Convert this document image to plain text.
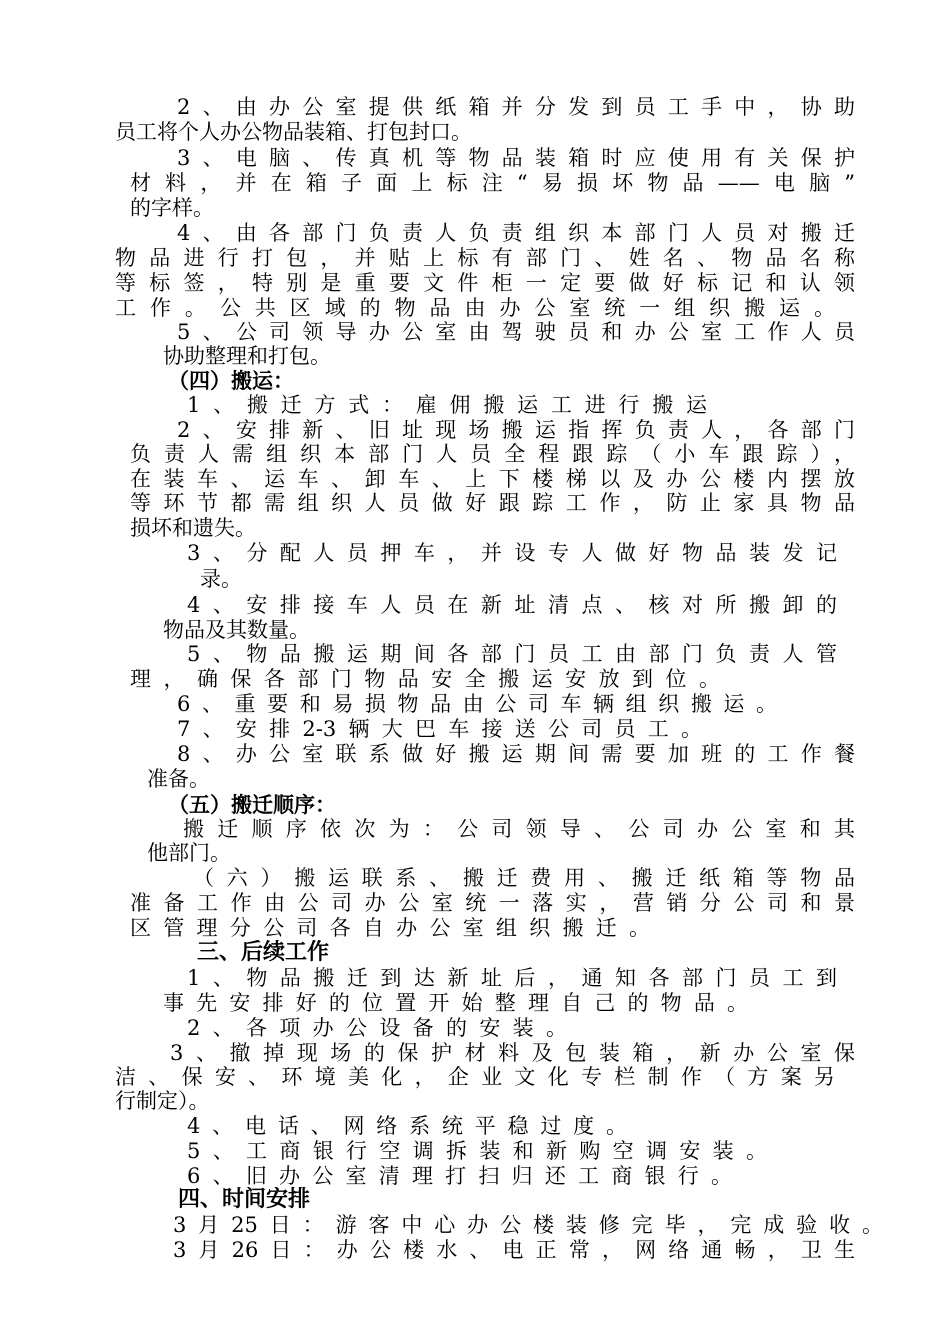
2、由办公室提供纸箱并分发到员工手中，协助
员工将个人办公物品装箱、打包封口。
3、电脑、传真机等物品装箱时应使用有关保护
材料，并在箱子面上标注“易损坏物品——电脑”
的字样。
4、由各部门负责人负责组织本部门人员对搬迁
物品进行打包，并贴上标有部门、姓名、物品名称
等标签，特别是重要文件柜一定要做好标记和认领
工作。公共区域的物品由办公室统一组织搬运。
5、公司领导办公室由驾驶员和办公室工作人员
协助整理和打包。
（四）搬运：
1、搬迁方式：雇佣搬运工进行搬运
2、安排新、旧址现场搬运指挥负责人，各部门
负责人需组织本部门人员全程跟踪（小车跟踪），
在装车、运车、卸车、上下楼梯以及办公楼内摆放
等环节都需组织人员做好跟踪工作，防止家具物品
损坏和遗失。
3、分配人员押车，并设专人做好物品装发记
录。
4、安排接车人员在新址清点、核对所搬卸的
物品及其数量。
5、物品搬运期间各部门员工由部门负责人管
理，确保各部门物品安全搬运安放到位。
6、重要和易损物品由公司车辆组织搬运。
7、安排2-3辆大巴车接送公司员工。
8、办公室联系做好搬运期间需要加班的工作餐
准备。
（五）搬迁顺序：
搬迁顺序依次为：公司领导、公司办公室和其
他部门。
（六）搬运联系、搬迁费用、搬迁纸箱等物品
准备工作由公司办公室统一落实，营销分公司和景
区管理分公司各自办公室组织搬迁。
三、后续工作
1、物品搬迁到达新址后，通知各部门员工到
事先安排好的位置开始整理自己的物品。
2、各项办公设备的安装。
3、撤掉现场的保护材料及包装箱，新办公室保
洁、保安、环境美化，企业文化专栏制作（方案另
行制定）。
4、电话、网络系统平稳过度。
5、工商银行空调拆装和新购空调安装。
6、旧办公室清理打扫归还工商银行。
四、时间安排
3月25日：游客中心办公楼装修完毕，完成验收。
3月26日：办公楼水、电正常，网络通畅，卫生
